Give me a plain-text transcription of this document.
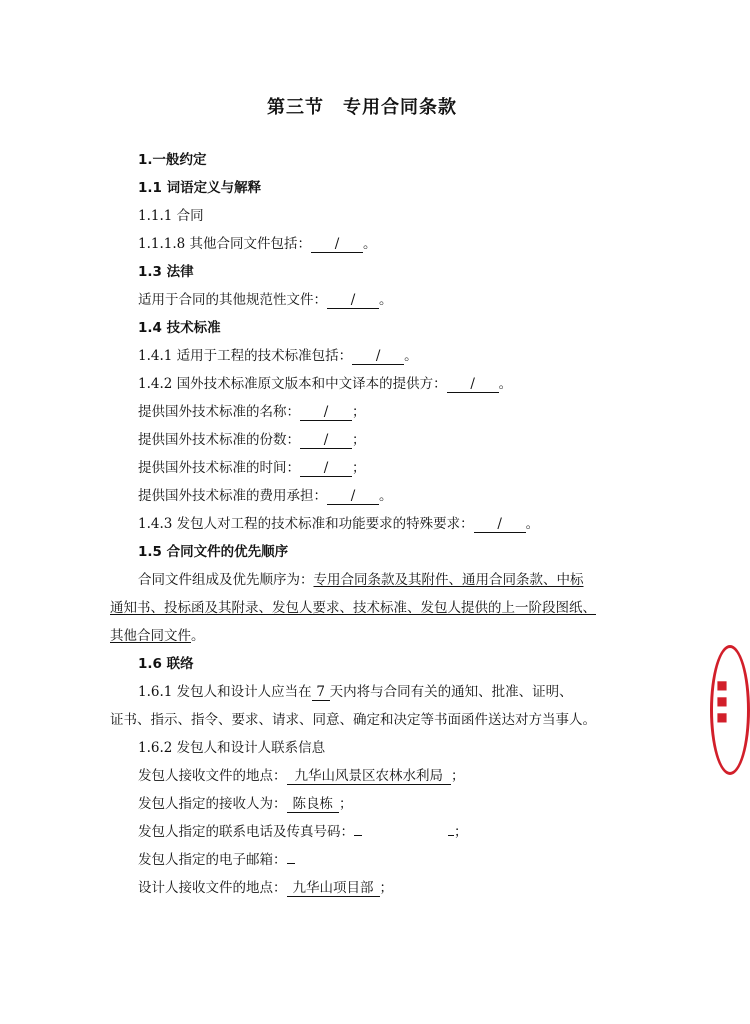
第三节　专用合同条款
1.一般约定
1.1 词语定义与解释
1.1.1 合同
1.1.1.8 其他合同文件包括： / 。
1.3 法律
适用于合同的其他规范性文件： / 。
1.4 技术标准
1.4.1 适用于工程的技术标准包括： / 。
1.4.2 国外技术标准原文版本和中文译本的提供方： / 。
提供国外技术标准的名称： / ；
提供国外技术标准的份数： / ；
提供国外技术标准的时间： / ；
提供国外技术标准的费用承担： / 。
1.4.3 发包人对工程的技术标准和功能要求的特殊要求： / 。
1.5 合同文件的优先顺序
合同文件组成及优先顺序为：专用合同条款及其附件、通用合同条款、中标
通知书、投标函及其附录、发包人要求、技术标准、发包人提供的上一阶段图纸、
其他合同文件。
1.6 联络
1.6.1 发包人和设计人应当在 7 天内将与合同有关的通知、批准、证明、
证书、指示、指令、要求、请求、同意、确定和决定等书面函件送达对方当事人。
1.6.2 发包人和设计人联系信息
发包人接收文件的地点： 九华山风景区农林水利局 ；
发包人指定的接收人为： 陈良栋 ；
发包人指定的联系电话及传真号码：	；
发包人指定的电子邮箱：
设计人接收文件的地点： 九华山项目部 ；
■■■
